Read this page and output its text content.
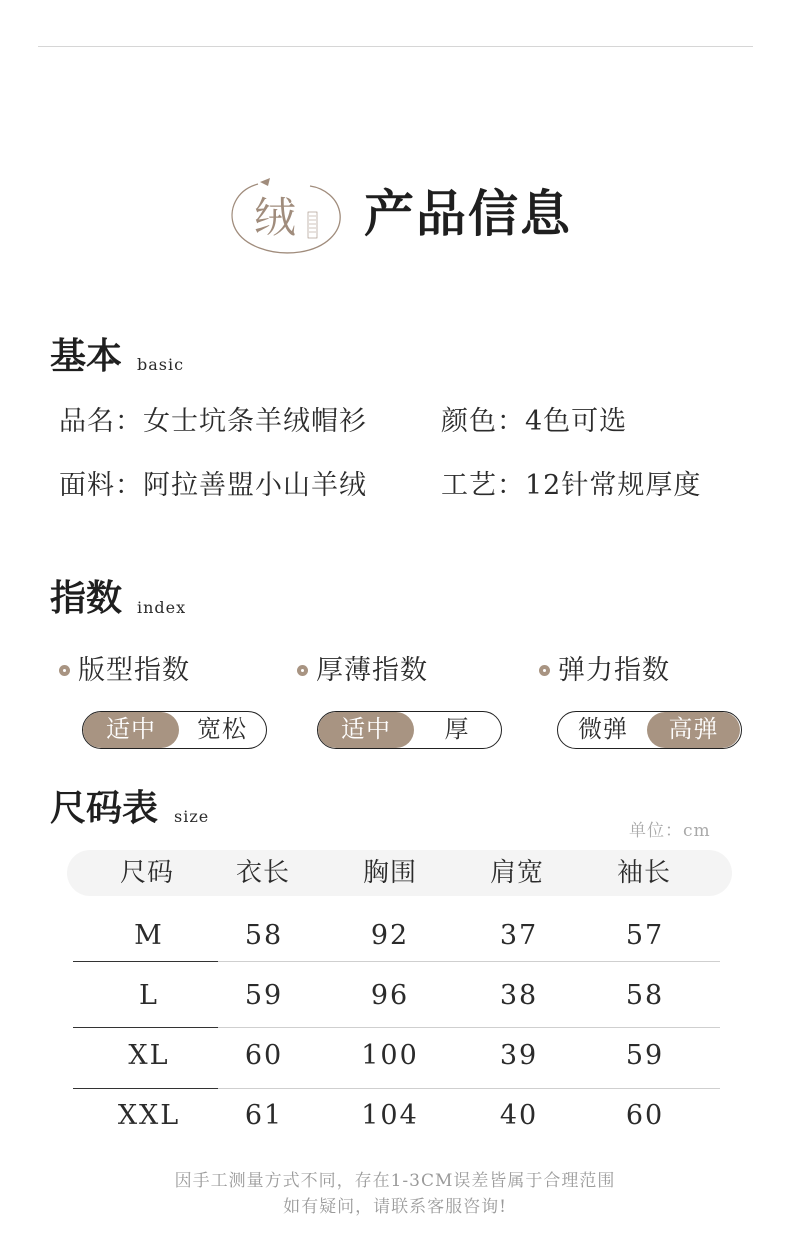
绒 产品信息
基本 basic
品名：女士坑条羊绒帽衫	颜色：4色可选
面料：阿拉善盟小山羊绒	工艺：12针常规厚度
指数 index
版型指数
适中	宽松
厚薄指数
适中	厚
弹力指数
微弹	高弹
尺码表 size
单位：cm
尺码	衣长	胸围	肩宽	袖长
M	58	92	37	57
L	59	96	38	58
XL	60	100	39	59
XXL	61	104	40	60
因手工测量方式不同，存在1-3CM误差皆属于合理范围
如有疑问，请联系客服咨询!
